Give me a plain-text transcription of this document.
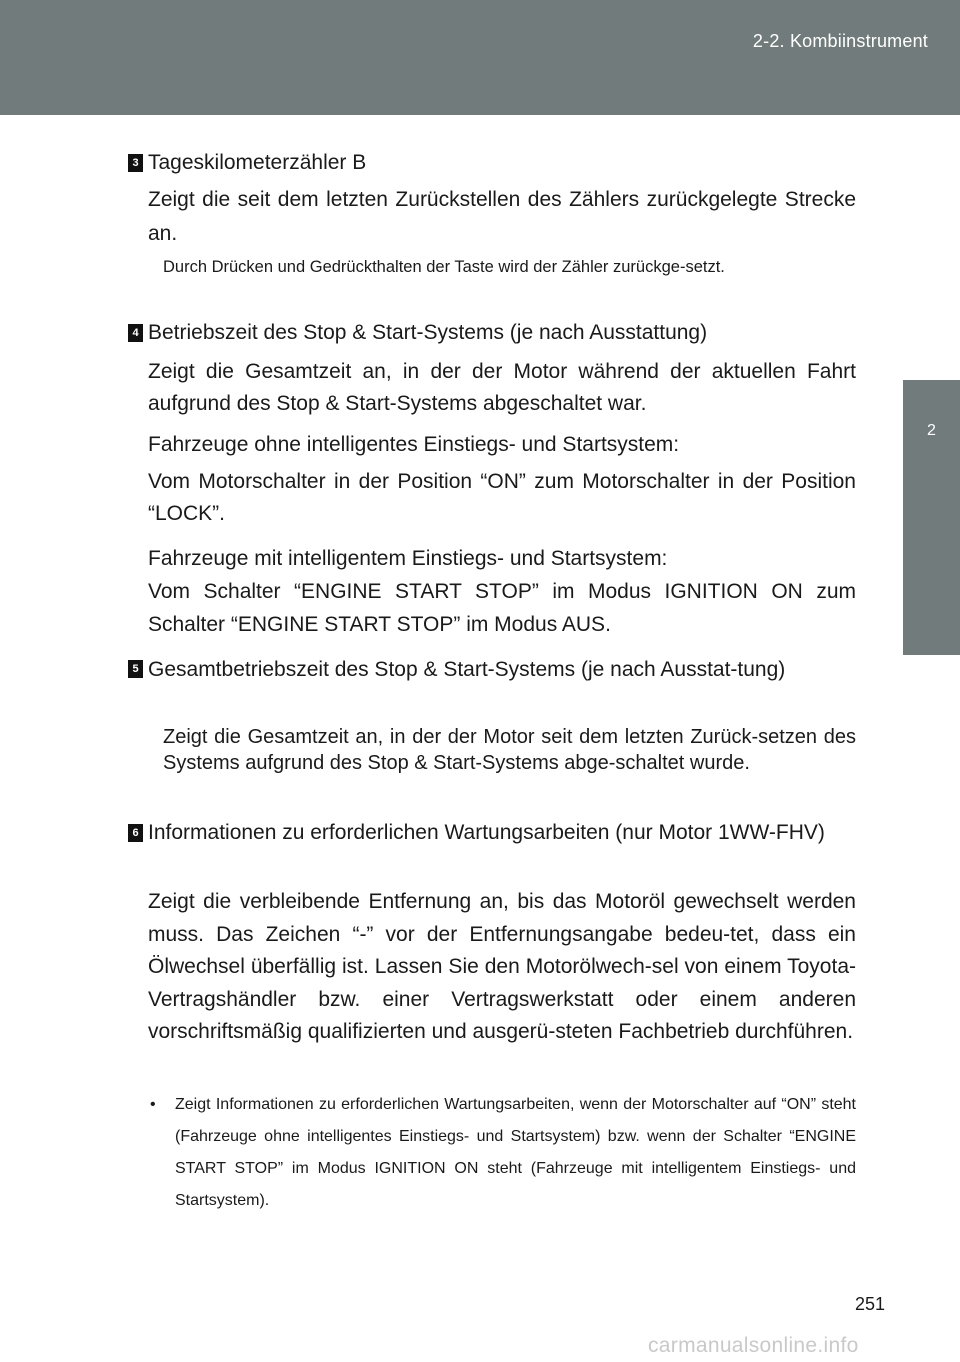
2-2. Kombiinstrument
2
Fahrbetrieb
3 Tageskilometerzähler B
Zeigt die seit dem letzten Zurückstellen des Zählers zurückgelegte Strecke an.
Durch Drücken und Gedrückthalten der Taste wird der Zähler zurückge-setzt.
4 Betriebszeit des Stop & Start-Systems (je nach Ausstattung)
Zeigt die Gesamtzeit an, in der der Motor während der aktuellen Fahrt aufgrund des Stop & Start-Systems abgeschaltet war.
Fahrzeuge ohne intelligentes Einstiegs- und Startsystem:
Vom Motorschalter in der Position “ON” zum Motorschalter in der Position “LOCK”.
Fahrzeuge mit intelligentem Einstiegs- und Startsystem:
Vom Schalter “ENGINE START STOP” im Modus IGNITION ON zum Schalter “ENGINE START STOP” im Modus AUS.
5 Gesamtbetriebszeit des Stop & Start-Systems (je nach Ausstat-tung)
Zeigt die Gesamtzeit an, in der der Motor seit dem letzten Zurück-setzen des Systems aufgrund des Stop & Start-Systems abge-schaltet wurde.
6 Informationen zu erforderlichen Wartungsarbeiten (nur Motor 1WW-FHV)
Zeigt die verbleibende Entfernung an, bis das Motoröl gewechselt werden muss. Das Zeichen “-” vor der Entfernungsangabe bedeu-tet, dass ein Ölwechsel überfällig ist. Lassen Sie den Motorölwech-sel von einem Toyota-Vertragshändler bzw. einer Vertragswerkstatt oder einem anderen vorschriftsmäßig qualifizierten und ausgerü-steten Fachbetrieb durchführen.
•	Zeigt Informationen zu erforderlichen Wartungsarbeiten, wenn der Motorschalter auf “ON” steht (Fahrzeuge ohne intelligentes Einstiegs- und Startsystem) bzw. wenn der Schalter “ENGINE START STOP” im Modus IGNITION ON steht (Fahrzeuge mit intelligentem Einstiegs- und Startsystem).
251
carmanualsonline.info
